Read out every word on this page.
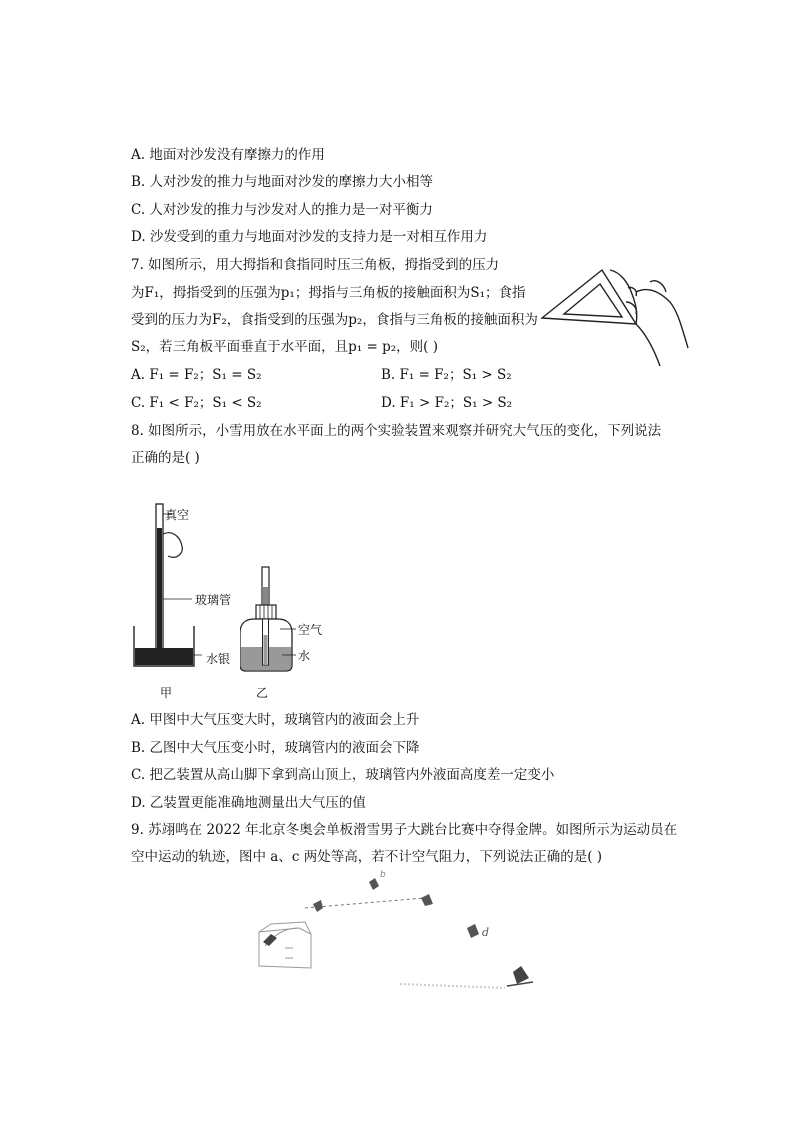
A. 地面对沙发没有摩擦力的作用
B. 人对沙发的推力与地面对沙发的摩擦力大小相等
C. 人对沙发的推力与沙发对人的推力是一对平衡力
D. 沙发受到的重力与地面对沙发的支持力是一对相互作用力
7. 如图所示，用大拇指和食指同时压三角板，拇指受到的压力
为F₁，拇指受到的压强为p₁；拇指与三角板的接触面积为S₁；食指
受到的压力为F₂，食指受到的压强为p₂，食指与三角板的接触面积为
S₂，若三角板平面垂直于水平面，且p₁ = p₂，则( )
A. F₁ = F₂；S₁ = S₂	B. F₁ = F₂；S₁ > S₂
C. F₁ < F₂；S₁ < S₂	D. F₁ > F₂；S₁ > S₂
8. 如图所示，小雪用放在水平面上的两个实验装置来观察并研究大气压的变化，下列说法
正确的是( )
真空
玻璃管
水银
甲
空气
水
乙
A. 甲图中大气压变大时，玻璃管内的液面会上升
B. 乙图中大气压变小时，玻璃管内的液面会下降
C. 把乙装置从高山脚下拿到高山顶上，玻璃管内外液面高度差一定变小
D. 乙装置更能准确地测量出大气压的值
9. 苏翊鸣在 2022 年北京冬奥会单板滑雪男子大跳台比赛中夺得金牌。如图所示为运动员在
空中运动的轨迹，图中 a、c 两处等高，若不计空气阻力，下列说法正确的是( )
b
d
